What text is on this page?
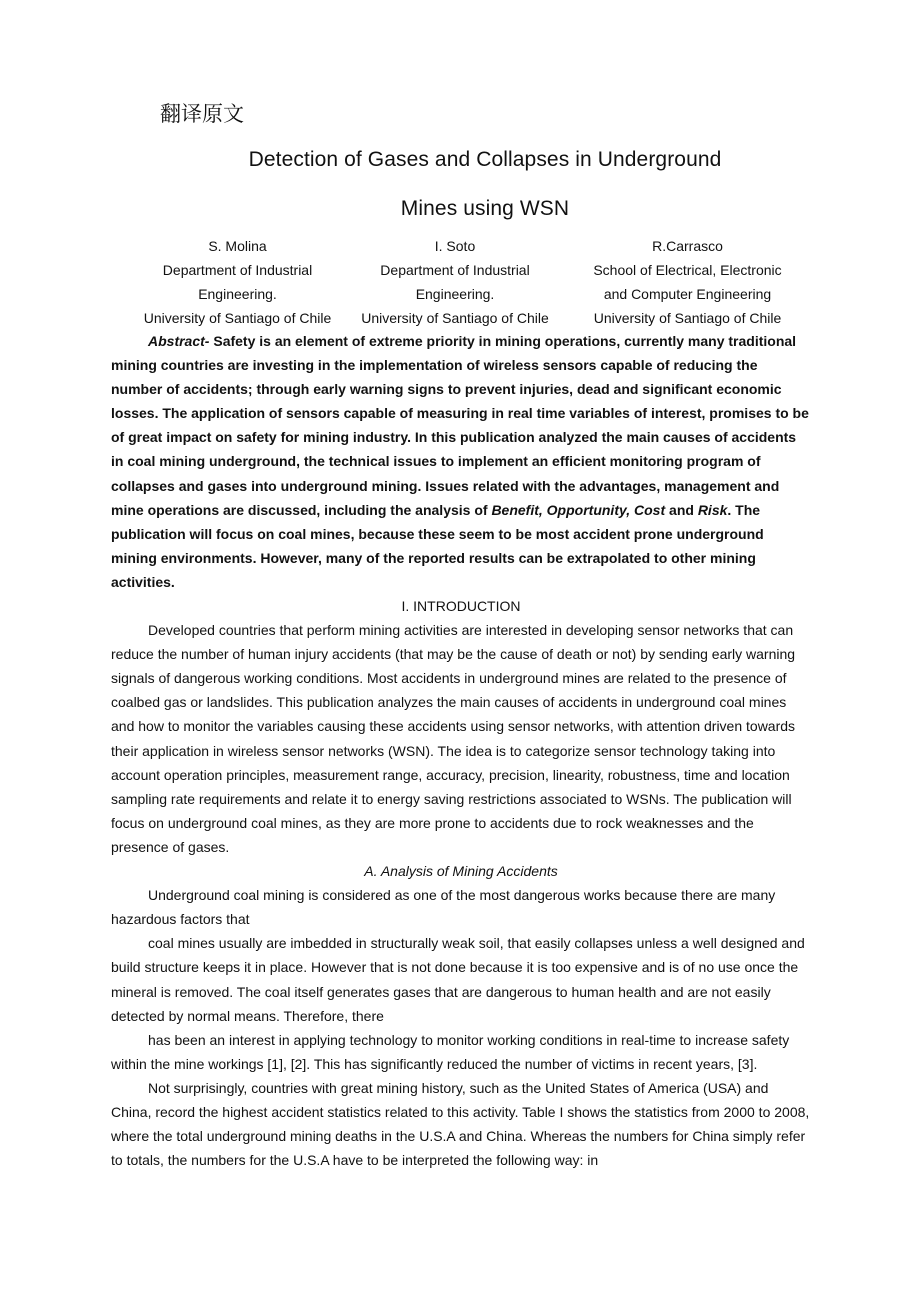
翻译原文
Detection of Gases and Collapses in Underground
Mines using WSN
S. Molina
Department of Industrial
Engineering.
University of Santiago of Chile
I. Soto
Department of Industrial
Engineering.
University of Santiago of Chile
R.Carrasco
School of Electrical, Electronic
and Computer Engineering
University of Santiago of Chile

Abstract- Safety is an element of extreme priority in mining operations, currently many traditional mining countries are investing in the implementation of wireless sensors capable of reducing the number of accidents; through early warning signs to prevent injuries, dead and significant economic losses. The application of sensors capable of measuring in real time variables of interest, promises to be of great impact on safety for mining industry. In this publication analyzed the main causes of accidents in coal mining underground, the technical issues to implement an efficient monitoring program of collapses and gases into underground mining. Issues related with the advantages, management and mine operations are discussed, including the analysis of Benefit, Opportunity, Cost and Risk. The publication will focus on coal mines, because these seem to be most accident prone underground mining environments. However, many of the reported results can be extrapolated to other mining activities.

I. INTRODUCTION

Developed countries that perform mining activities are interested in developing sensor networks that can reduce the number of human injury accidents (that may be the cause of death or not) by sending early warning signals of dangerous working conditions. Most accidents in underground mines are related to the presence of coalbed gas or landslides. This publication analyzes the main causes of accidents in underground coal mines and how to monitor the variables causing these accidents using sensor networks, with attention driven towards their application in wireless sensor networks (WSN). The idea is to categorize sensor technology taking into account operation principles, measurement range, accuracy, precision, linearity, robustness, time and location sampling rate requirements and relate it to energy saving restrictions associated to WSNs. The publication will focus on underground coal mines, as they are more prone to accidents due to rock weaknesses and the presence of gases.

A. Analysis of Mining Accidents

Underground coal mining is considered as one of the most dangerous works because there are many hazardous factors that

coal mines usually are imbedded in structurally weak soil, that easily collapses unless a well designed and build structure keeps it in place. However that is not done because it is too expensive and is of no use once the mineral is removed. The coal itself generates gases that are dangerous to human health and are not easily detected by normal means. Therefore, there

has been an interest in applying technology to monitor working conditions in real-time to increase safety within the mine workings [1], [2]. This has significantly reduced the number of victims in recent years, [3].

Not surprisingly, countries with great mining history, such as the United States of America (USA) and China, record the highest accident statistics related to this activity. Table I shows the statistics from 2000 to 2008, where the total underground mining deaths in the U.S.A and China. Whereas the numbers for China simply refer to totals, the numbers for the U.S.A have to be interpreted the following way: in
